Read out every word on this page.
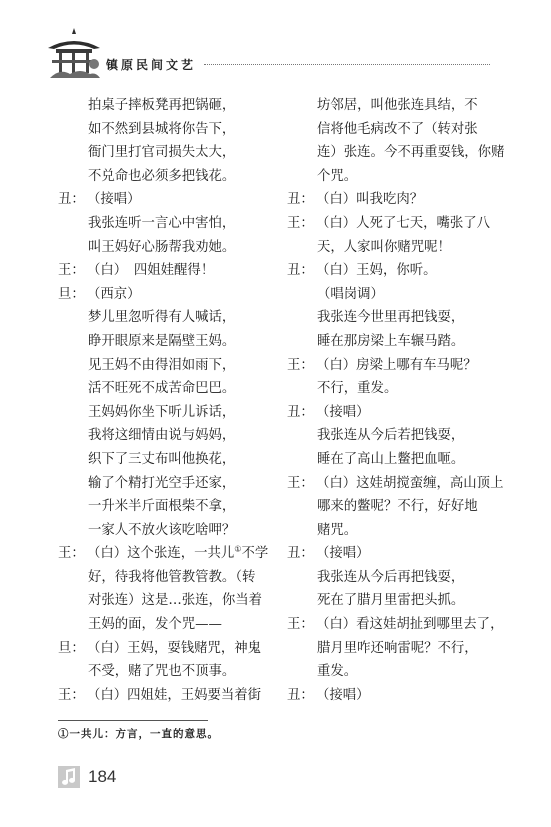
镇原民间文艺
拍桌子摔板凳再把锅砸，
如不然到县城将你告下，
衙门里打官司损失太大，
不兑命也必须多把钱花。
丑： （接唱）
我张连听一言心中害怕，
叫王妈好心肠帮我劝她。
王： （白）　四姐娃醒得！
旦： （西京）
梦儿里忽听得有人喊话，
睁开眼原来是隔壁王妈。
见王妈不由得泪如雨下，
活不旺死不成苦命巴巴。
王妈妈你坐下听儿诉话，
我将这细情由说与妈妈，
织下了三丈布叫他换花，
输了个精打光空手还家，
一升米半斤面根柴不拿，
一家人不放火该吃啥呷？
王： （白）这个张连，一共儿①不学
好，待我将他管教管教。（转
对张连）这是…张连，你当着
王妈的面，发个咒——
旦： （白）王妈，耍钱赌咒，神鬼
不受，赌了咒也不顶事。
王： （白）四姐娃，王妈要当着街
坊邻居，叫他张连具结，不
信将他毛病改不了（转对张
连）张连。今不再重耍钱，你赌
个咒。
丑： （白）叫我吃肉？
王： （白）人死了七天，嘴张了八
天，人家叫你赌咒呢！
丑： （白）王妈，你听。
（唱岗调）
我张连今世里再把钱耍，
睡在那房梁上车辗马踏。
王： （白）房梁上哪有车马呢？
不行，重发。
丑： （接唱）
我张连从今后若把钱耍，
睡在了高山上鳖把血咂。
王： （白）这娃胡搅蛮缠，高山顶上
哪来的鳖呢？不行，好好地
赌咒。
丑： （接唱）
我张连从今后再把钱耍，
死在了腊月里雷把头抓。
王： （白）看这娃胡扯到哪里去了，
腊月里咋还响雷呢？不行，
重发。
丑： （接唱）
①一共儿：方言，一直的意思。
184
